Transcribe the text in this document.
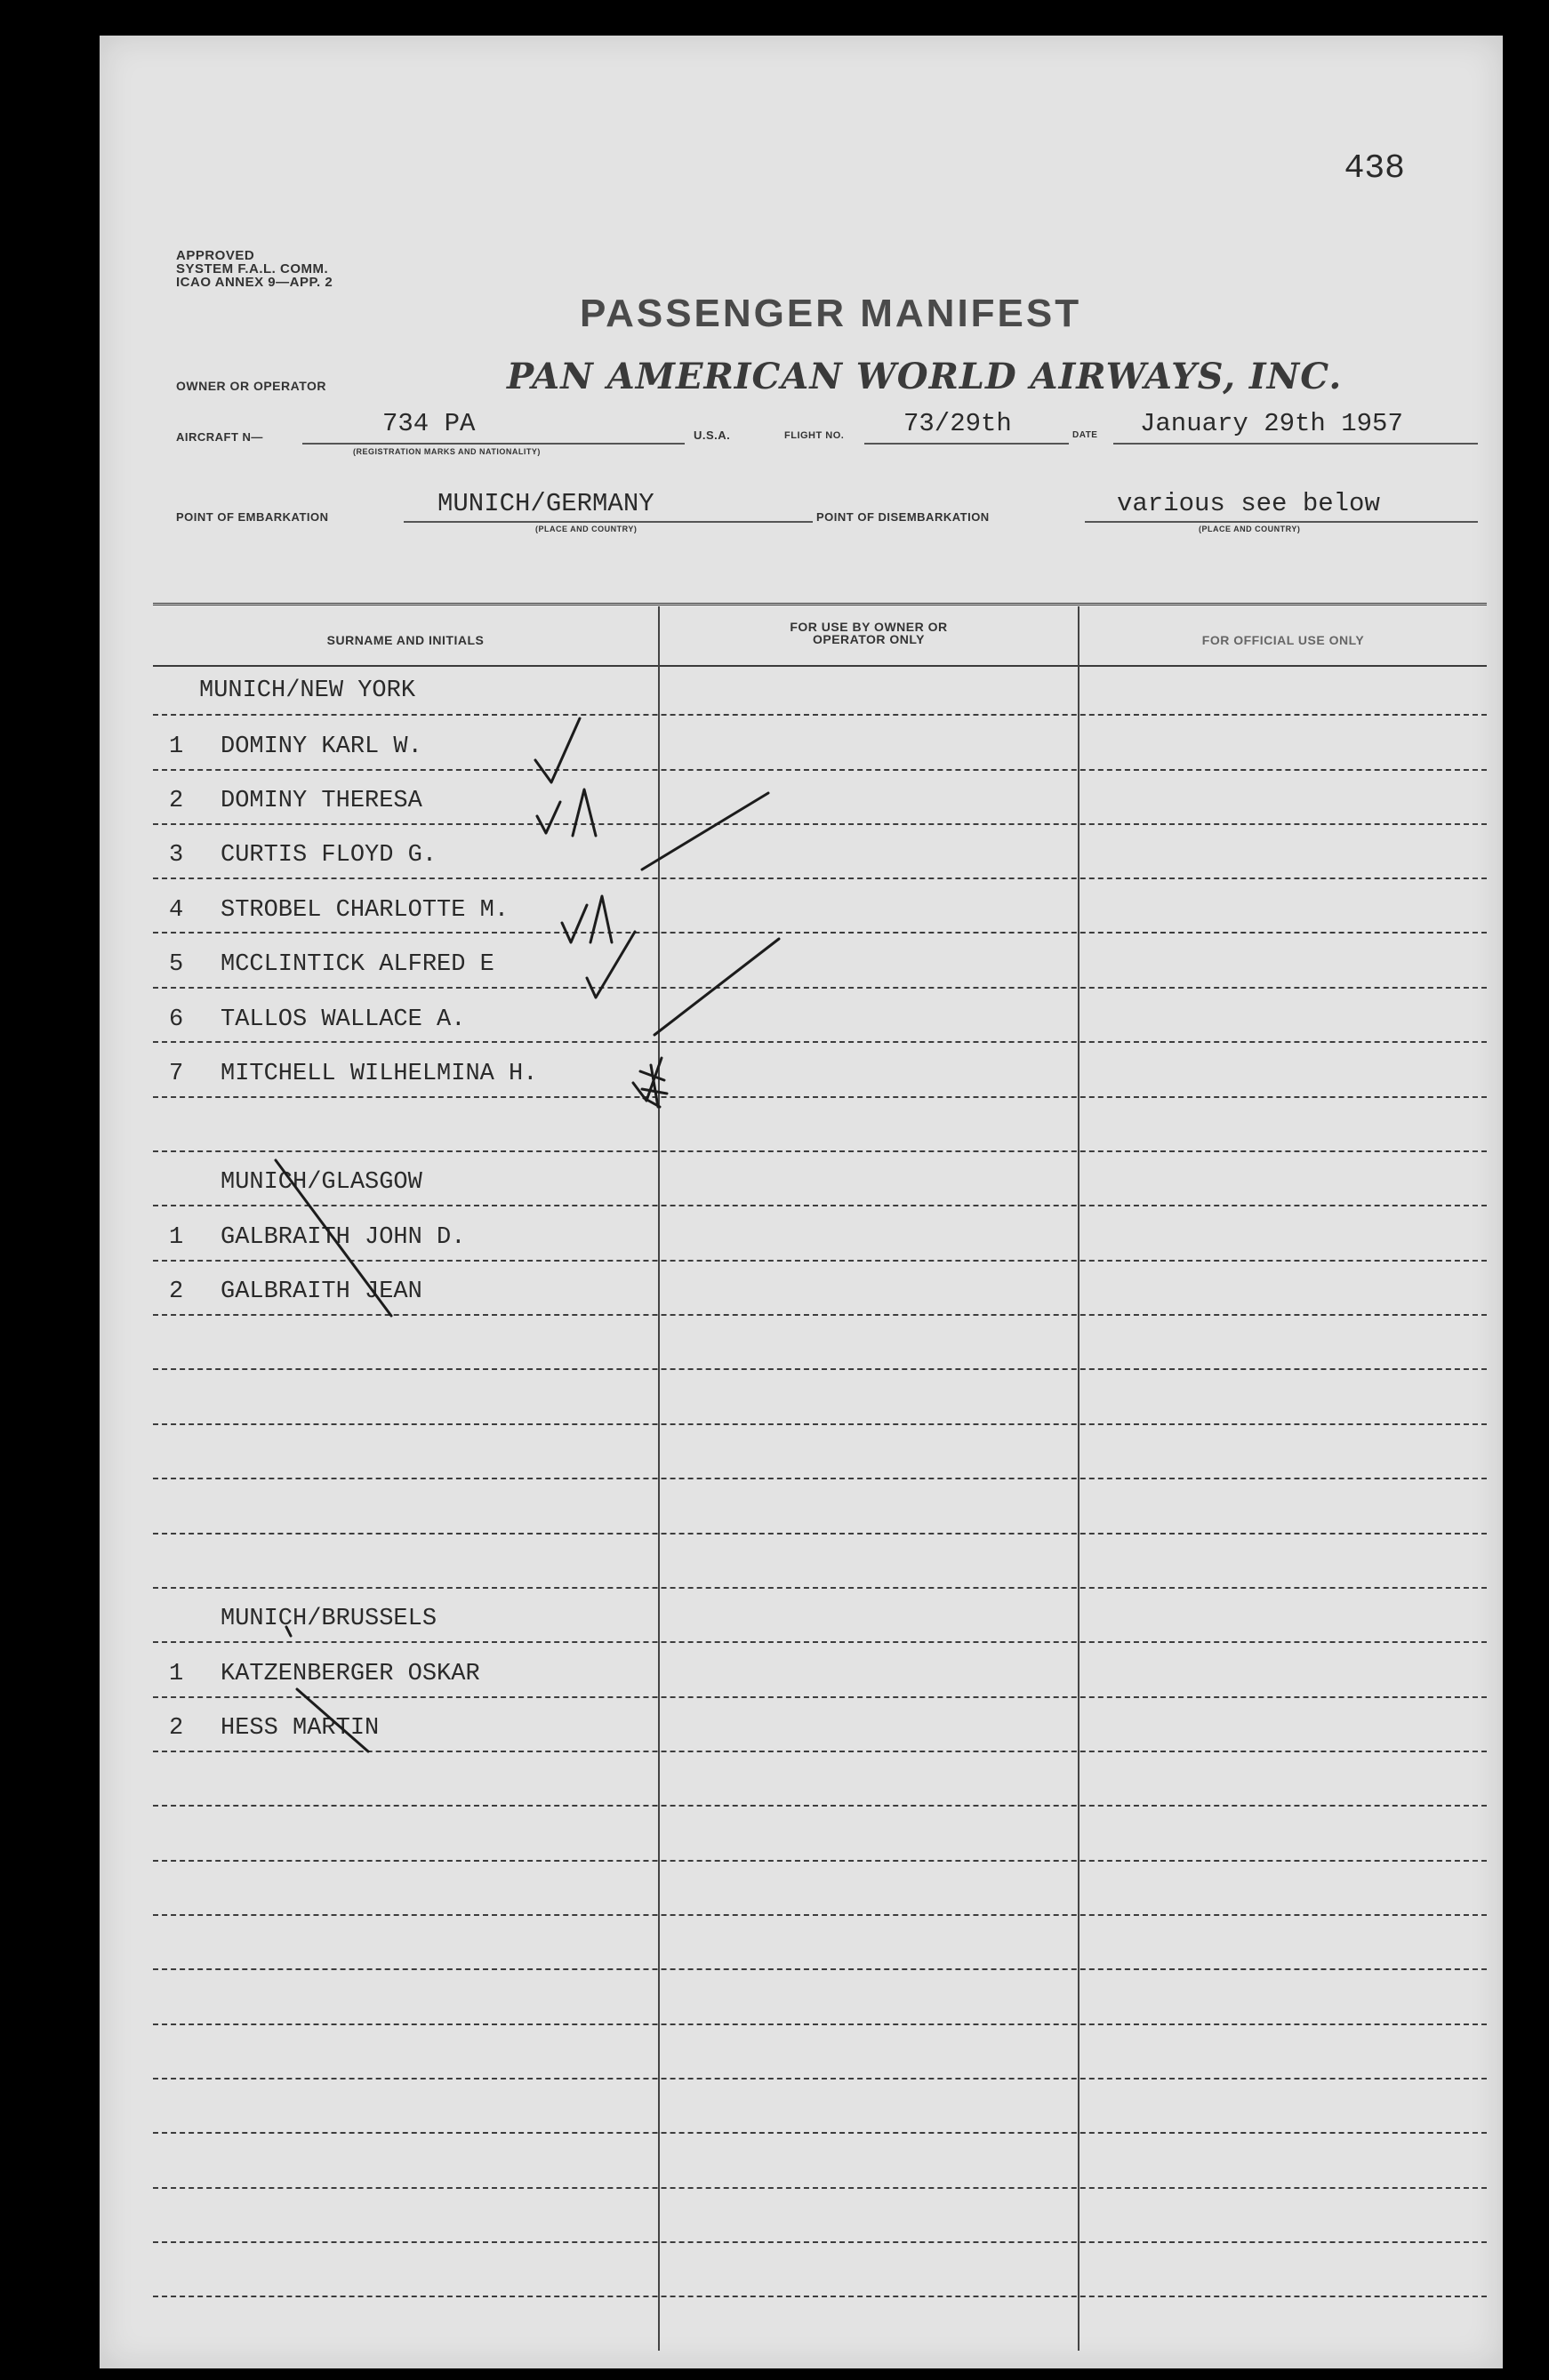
438
APPROVED
SYSTEM F.A.L. COMM.
ICAO ANNEX 9—APP. 2
PASSENGER MANIFEST
OWNER OR OPERATOR	PAN AMERICAN WORLD AIRWAYS, INC.
AIRCRAFT N—	734 PA
(REGISTRATION MARKS AND NATIONALITY)
U.S.A.	FLIGHT NO. 73/29th	DATE January 29th 1957
POINT OF EMBARKATION	MUNICH/GERMANY
(PLACE AND COUNTRY)
POINT OF DISEMBARKATION	various see below
(PLACE AND COUNTRY)
SURNAME AND INITIALS
FOR USE BY OWNER OR OPERATOR ONLY	FOR OFFICIAL USE ONLY
MUNICH/NEW YORK
1 DOMINY KARL W.
2 DOMINY THERESA
3 CURTIS FLOYD G.
4 STROBEL CHARLOTTE M.
5 MCCLINTICK ALFRED E
6 TALLOS WALLACE A.
7 MITCHELL WILHELMINA H.
MUNICH/GLASGOW
1 GALBRAITH JOHN D.
2 GALBRAITH JEAN
MUNICH/BRUSSELS
1 KATZENBERGER OSKAR
2 HESS MARTIN
